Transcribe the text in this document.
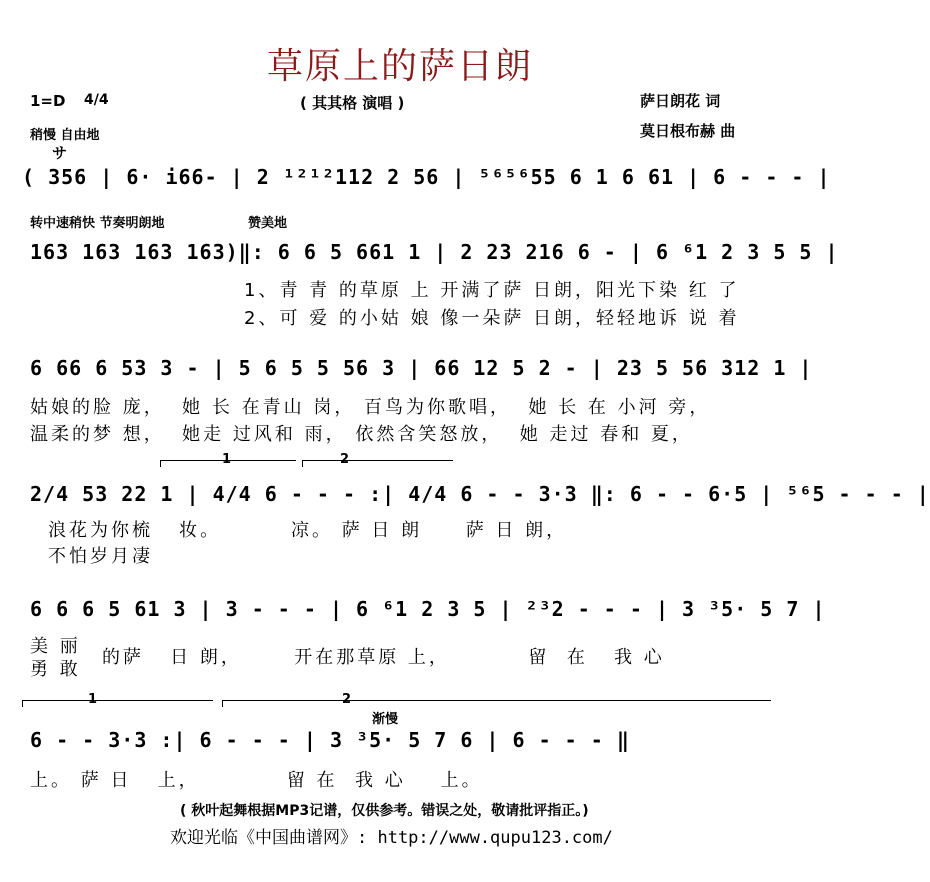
草原上的萨日朗
1=D 4/4	( 其其格 演唱 )	萨日朗花 词
莫日根布赫 曲
稍慢 自由地
サ
( 356 | 6· i66- | 2 ¹²¹²112 2 56 | ⁵⁶⁵⁶55 6 1 6 61 | 6 - - - |
转中速稍快 节奏明朗地	赞美地
163 163 163 163)‖: 6 6 5 661 1 | 2 23 216 6 - | 6 ⁶1 2 3 5 5 |
1、青 青 的草原 上 开满了萨 日朗，阳光下染 红 了
2、可 爱 的小姑 娘 像一朵萨 日朗，轻轻地诉 说 着
6 66 6 53 3 - | 5 6 5 5 56 3 | 66 12 5 2 - | 23 5 56 312 1 |
姑娘的脸 庞，  她 长 在青山 岗， 百鸟为你歌唱，  她 长 在 小河 旁，
温柔的梦 想，  她走 过风和 雨， 依然含笑怒放，  她 走过 春和 夏，
1	2
2/4 53 22 1 | 4/4 6 - - - :| 4/4 6 - - 3·3 ‖: 6 - - 6·5 | ⁵⁶5 - - - |
浪花为你梳   妆。        凉。 萨 日 朗     萨 日 朗，
不怕岁月凄
6 6 6 5 61 3 | 3 - - - | 6 ⁶1 2 3 5 | ²³2 - - - | 3 ³5· 5 7 |
美 丽
勇 敢
的萨   日 朗，      开在那草原 上，         留  在   我 心
1	2
渐慢
6 - - 3·3 :| 6 - - - | 3 ³5· 5 7 6 | 6 - - - ‖
上。 萨 日   上，          留 在  我 心    上。
( 秋叶起舞根据MP3记谱，仅供参考。错误之处，敬请批评指正。)
欢迎光临《中国曲谱网》: http://www.qupu123.com/
